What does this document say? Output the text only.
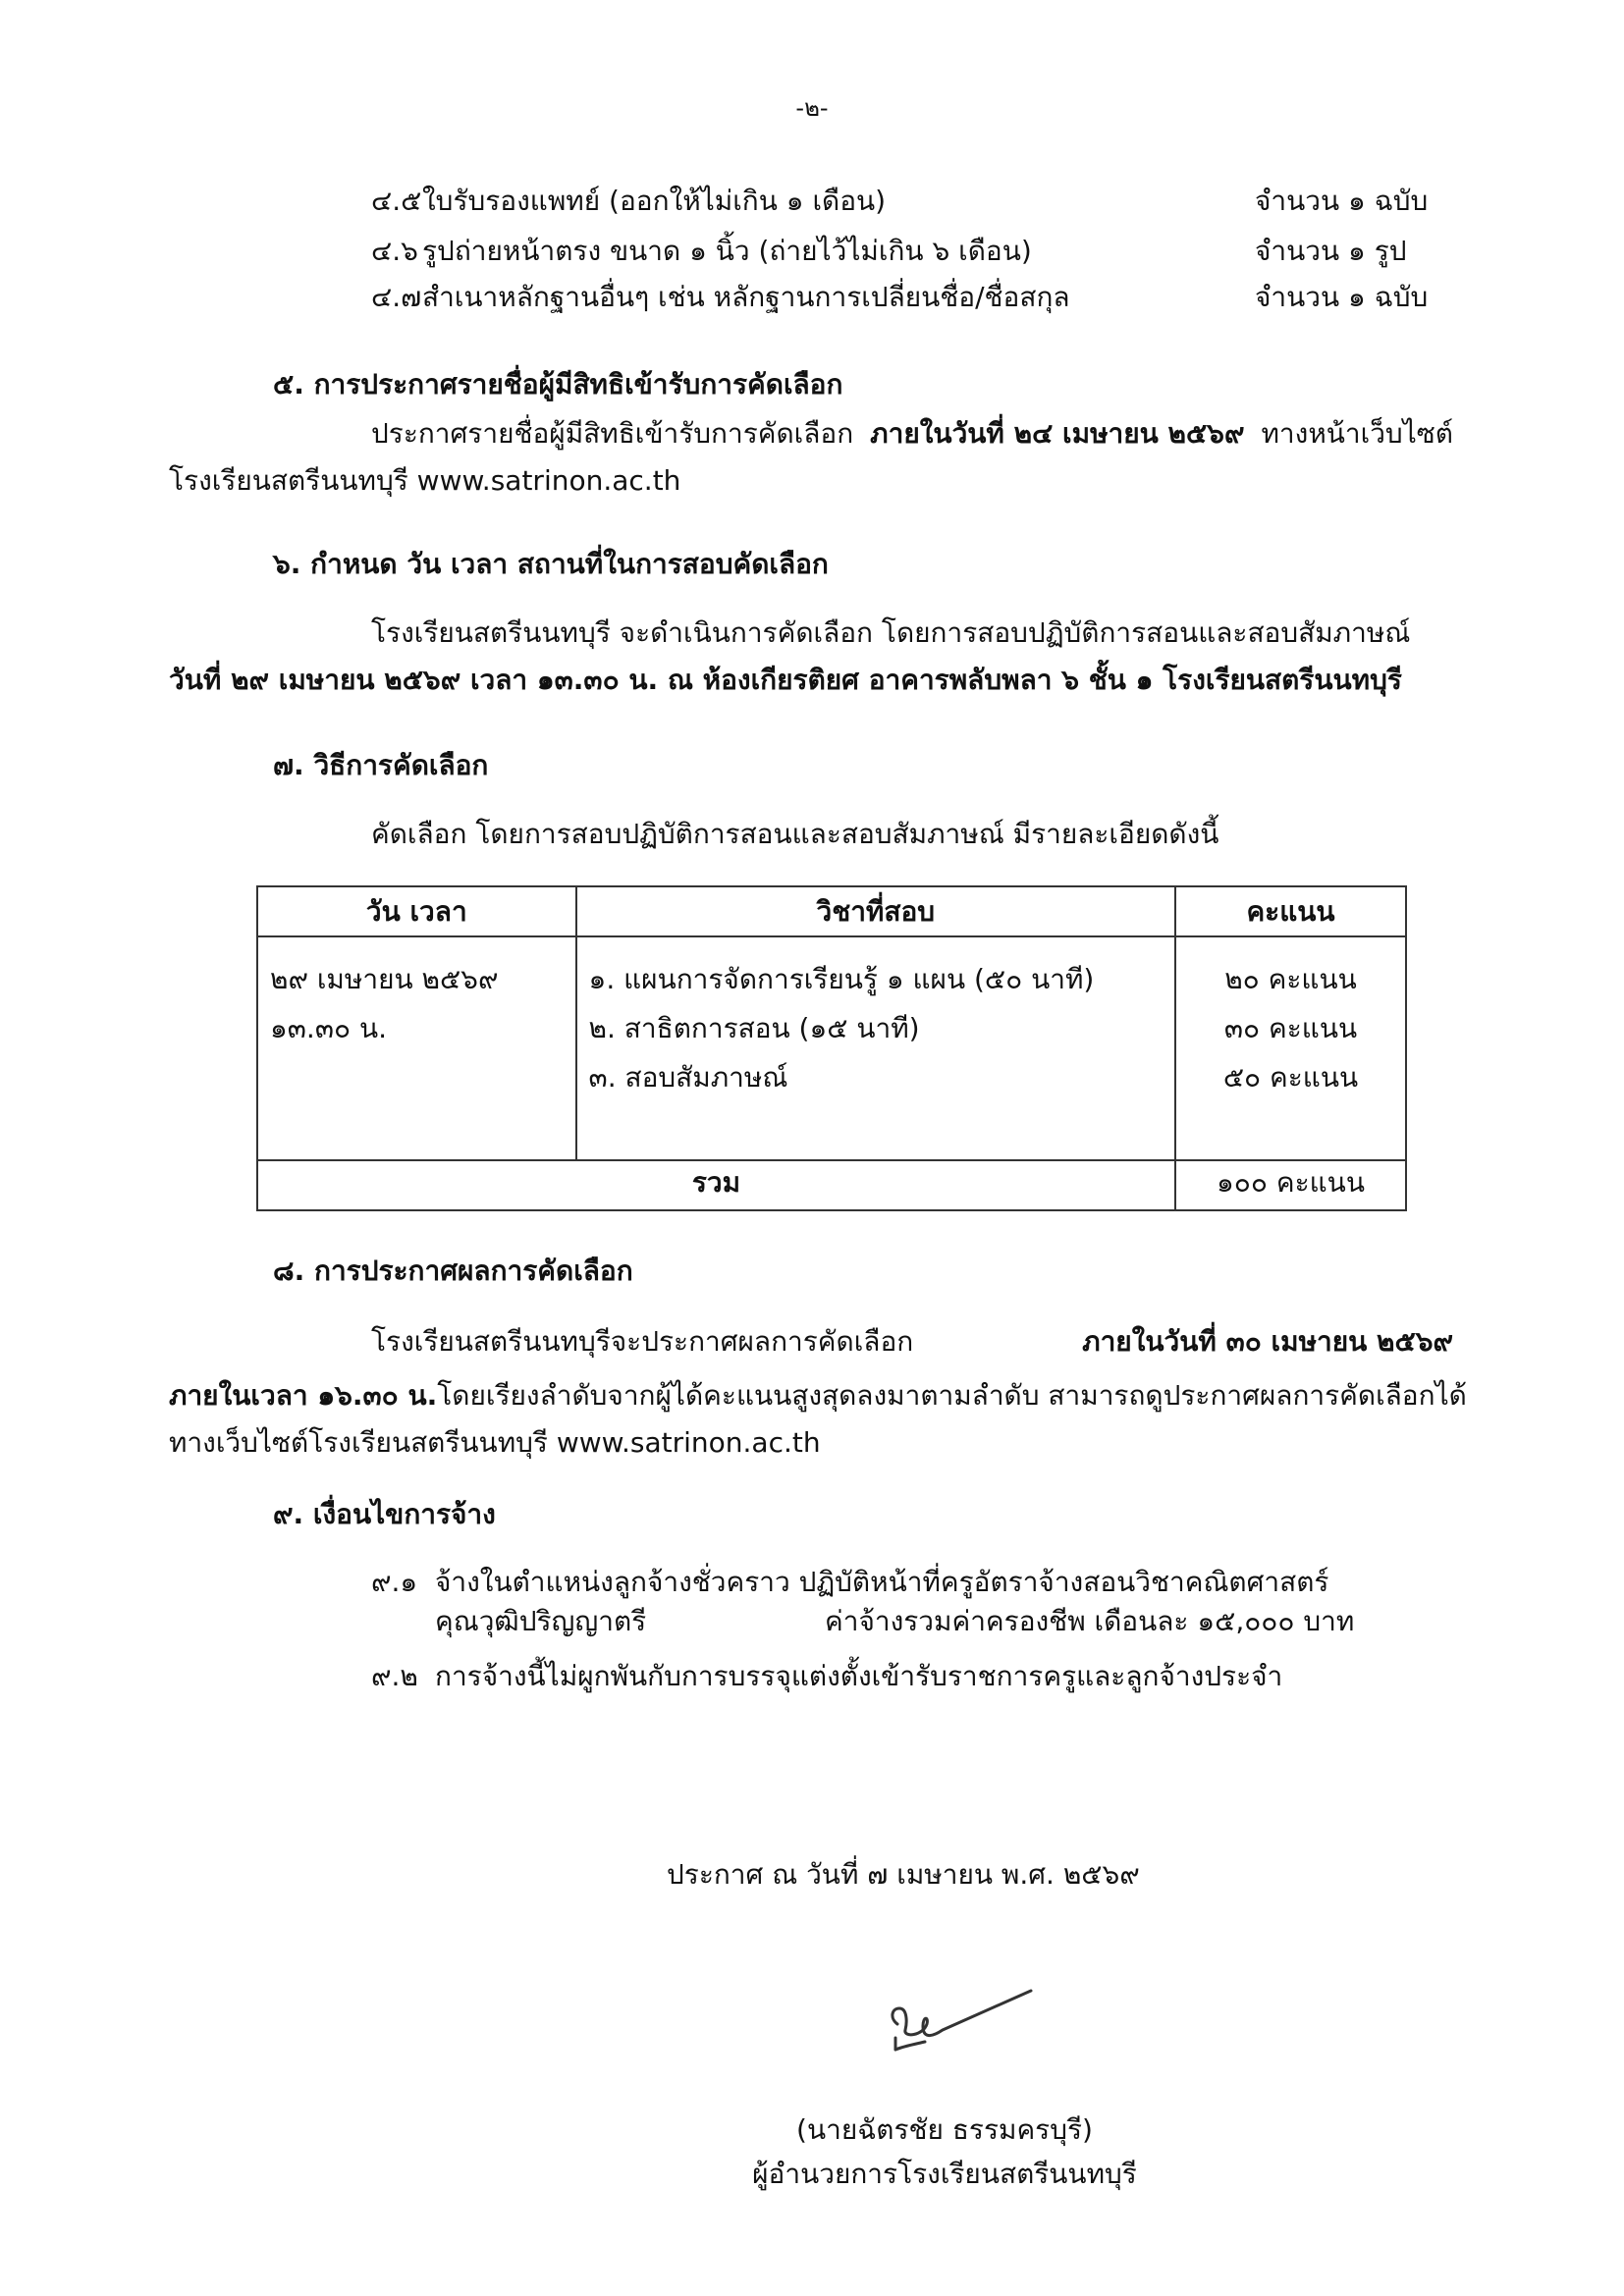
-๒-
๔.๕ ใบรับรองแพทย์ (ออกให้ไม่เกิน ๑ เดือน)	จำนวน ๑ ฉบับ
๔.๖ รูปถ่ายหน้าตรง ขนาด ๑ นิ้ว (ถ่ายไว้ไม่เกิน ๖ เดือน)	จำนวน ๑ รูป
๔.๗ สำเนาหลักฐานอื่นๆ เช่น หลักฐานการเปลี่ยนชื่อ/ชื่อสกุล	จำนวน ๑ ฉบับ
๕. การประกาศรายชื่อผู้มีสิทธิเข้ารับการคัดเลือก
ประกาศรายชื่อผู้มีสิทธิเข้ารับการคัดเลือก ภายในวันที่ ๒๔ เมษายน ๒๕๖๙ ทางหน้าเว็บไซต์
โรงเรียนสตรีนนทบุรี www.satrinon.ac.th
๖. กำหนด วัน เวลา สถานที่ในการสอบคัดเลือก
โรงเรียนสตรีนนทบุรี จะดำเนินการคัดเลือก โดยการสอบปฏิบัติการสอนและสอบสัมภาษณ์
วันที่ ๒๙ เมษายน ๒๕๖๙ เวลา ๑๓.๓๐ น. ณ ห้องเกียรติยศ อาคารพลับพลา ๖ ชั้น ๑ โรงเรียนสตรีนนทบุรี
๗. วิธีการคัดเลือก
คัดเลือก โดยการสอบปฏิบัติการสอนและสอบสัมภาษณ์ มีรายละเอียดดังนี้
วัน เวลา	วิชาที่สอบ	คะแนน

๒๙ เมษายน ๒๕๖๙
๑๓.๓๐ น.

๑. แผนการจัดการเรียนรู้ ๑ แผน (๕๐ นาที)
๒. สาธิตการสอน (๑๕ นาที)
๓. สอบสัมภาษณ์

๒๐ คะแนน
๓๐ คะแนน
๕๐ คะแนน

รวม		๑๐๐ คะแนน
๘. การประกาศผลการคัดเลือก
โรงเรียนสตรีนนทบุรีจะประกาศผลการคัดเลือก	ภายในวันที่ ๓๐ เมษายน ๒๕๖๙
ภายในเวลา ๑๖.๓๐ น. โดยเรียงลำดับจากผู้ได้คะแนนสูงสุดลงมาตามลำดับ สามารถดูประกาศผลการคัดเลือกได้
ทางเว็บไซต์โรงเรียนสตรีนนทบุรี www.satrinon.ac.th
๙. เงื่อนไขการจ้าง
๙.๑ จ้างในตำแหน่งลูกจ้างชั่วคราว ปฏิบัติหน้าที่ครูอัตราจ้างสอนวิชาคณิตศาสตร์
คุณวุฒิปริญญาตรี	ค่าจ้างรวมค่าครองชีพ เดือนละ ๑๕,๐๐๐ บาท
๙.๒ การจ้างนี้ไม่ผูกพันกับการบรรจุแต่งตั้งเข้ารับราชการครูและลูกจ้างประจำ
ประกาศ ณ วันที่ ๗ เมษายน พ.ศ. ๒๕๖๙
(นายฉัตรชัย ธรรมครบุรี)
ผู้อำนวยการโรงเรียนสตรีนนทบุรี
